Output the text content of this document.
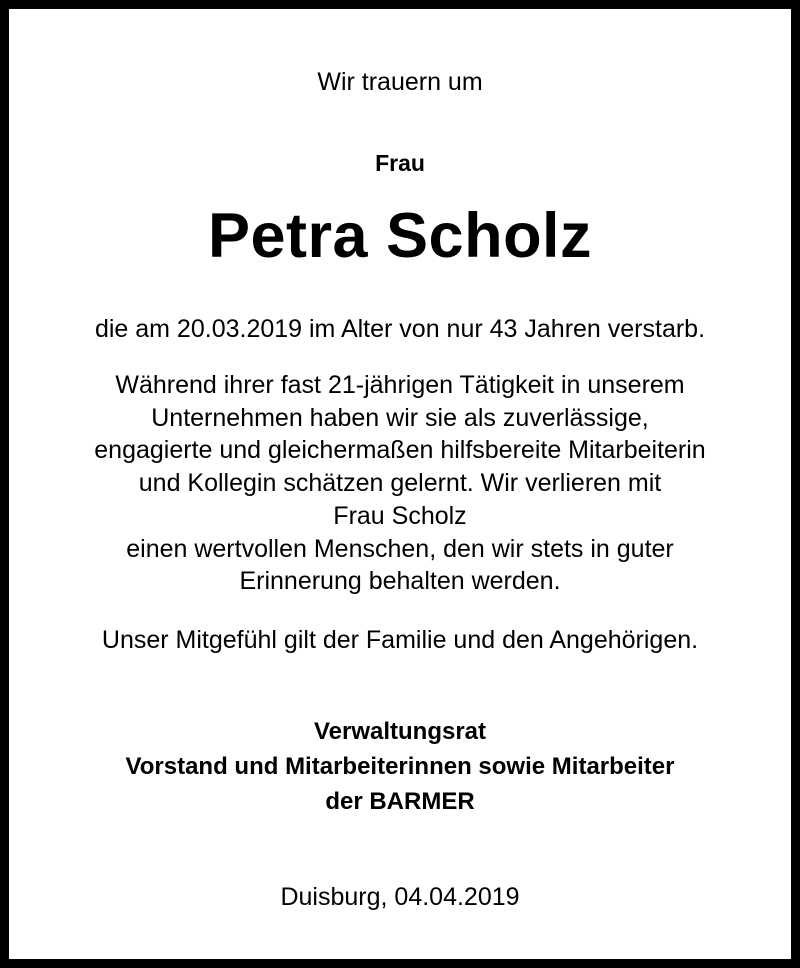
Wir trauern um
Frau
Petra Scholz
die am 20.03.2019 im Alter von nur 43 Jahren verstarb.
Während ihrer fast 21-jährigen Tätigkeit in unserem
Unternehmen haben wir sie als zuverlässige,
engagierte und gleichermaßen hilfsbereite Mitarbeiterin
und Kollegin schätzen gelernt. Wir verlieren mit
Frau Scholz
einen wertvollen Menschen, den wir stets in guter
Erinnerung behalten werden.
Unser Mitgefühl gilt der Familie und den Angehörigen.
Verwaltungsrat
Vorstand und Mitarbeiterinnen sowie Mitarbeiter
der BARMER
Duisburg, 04.04.2019
